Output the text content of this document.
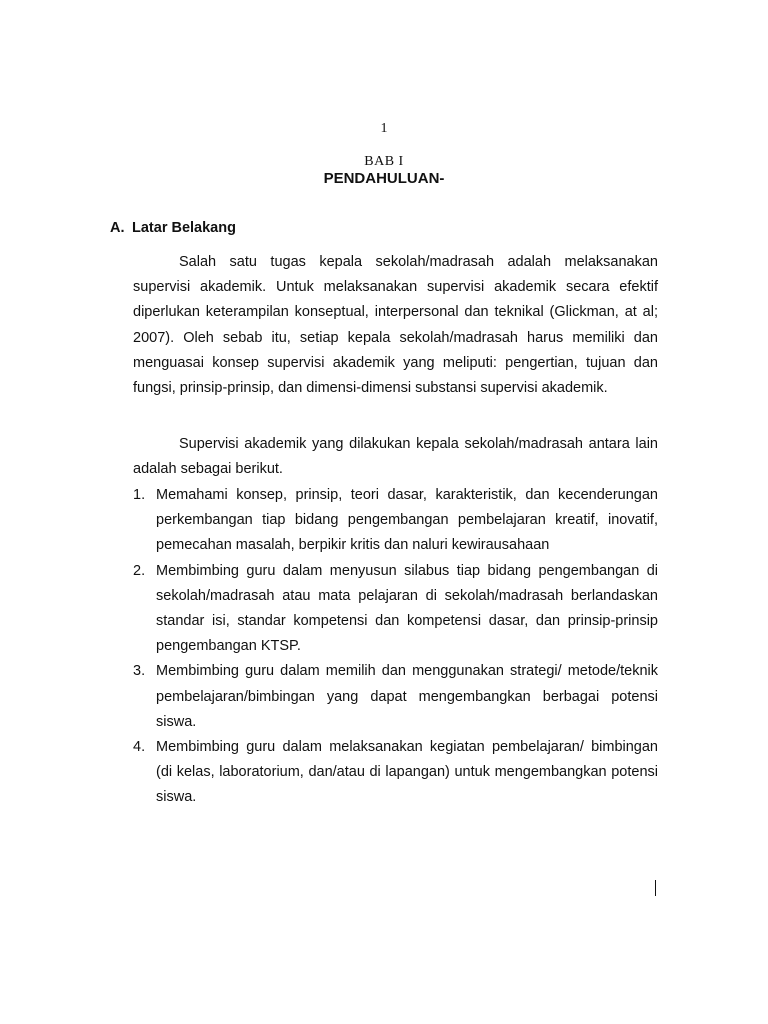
1
BAB I
PENDAHULUAN-
A. Latar Belakang

Salah satu tugas kepala sekolah/madrasah adalah melaksanakan supervisi akademik. Untuk melaksanakan supervisi akademik secara efektif diperlukan keterampilan konseptual, interpersonal dan teknikal (Glickman, at al; 2007). Oleh sebab itu, setiap kepala sekolah/madrasah harus memiliki dan menguasai konsep supervisi akademik yang meliputi: pengertian, tujuan dan fungsi, prinsip-prinsip, dan dimensi-dimensi substansi supervisi akademik.

Supervisi akademik yang dilakukan kepala sekolah/madrasah antara lain adalah sebagai berikut.

1. Memahami konsep, prinsip, teori dasar, karakteristik, dan kecenderungan perkembangan tiap bidang pengembangan pembelajaran kreatif, inovatif, pemecahan masalah, berpikir kritis dan naluri kewirausahaan
2. Membimbing guru dalam menyusun silabus tiap bidang pengembangan di sekolah/madrasah atau mata pelajaran di sekolah/madrasah berlandaskan standar isi, standar kompetensi dan kompetensi dasar, dan prinsip-prinsip pengembangan KTSP.
3. Membimbing guru dalam memilih dan menggunakan strategi/ metode/teknik pembelajaran/bimbingan yang dapat mengembangkan berbagai potensi siswa.
4. Membimbing guru dalam melaksanakan kegiatan pembelajaran/ bimbingan (di kelas, laboratorium, dan/atau di lapangan) untuk mengembangkan potensi siswa.
